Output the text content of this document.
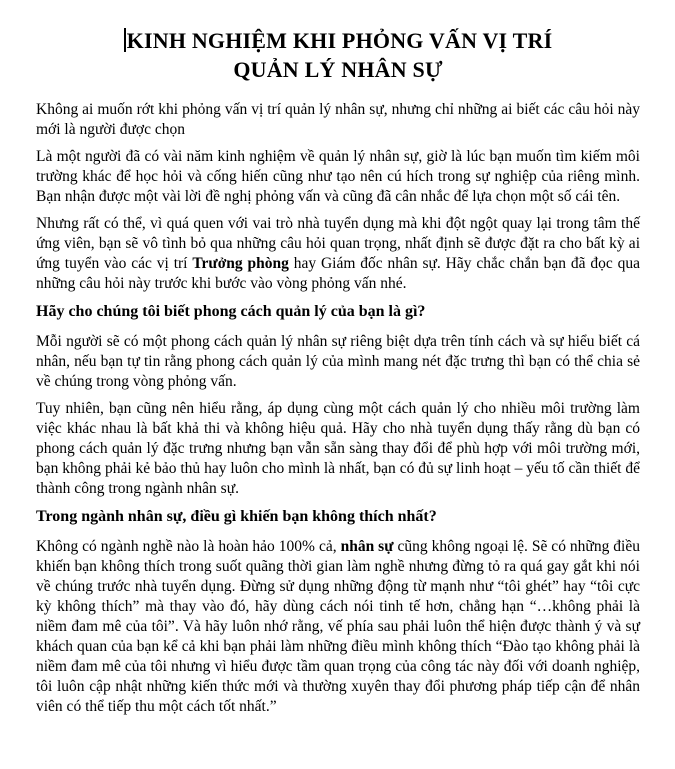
KINH NGHIỆM KHI PHỎNG VẤN VỊ TRÍ
QUẢN LÝ NHÂN SỰ

Không ai muốn rớt khi phỏng vấn vị trí quản lý nhân sự, nhưng chỉ những ai biết các câu hỏi này mới là người được chọn

Là một người đã có vài năm kinh nghiệm về quản lý nhân sự, giờ là lúc bạn muốn tìm kiếm môi trường khác để học hỏi và cống hiến cũng như tạo nên cú hích trong sự nghiệp của riêng mình. Bạn nhận được một vài lời đề nghị phỏng vấn và cũng đã cân nhắc để lựa chọn một số cái tên.

Nhưng rất có thể, vì quá quen với vai trò nhà tuyển dụng mà khi đột ngột quay lại trong tâm thế ứng viên, bạn sẽ vô tình bỏ qua những câu hỏi quan trọng, nhất định sẽ được đặt ra cho bất kỳ ai ứng tuyển vào các vị trí Trưởng phòng hay Giám đốc nhân sự. Hãy chắc chắn bạn đã đọc qua những câu hỏi này trước khi bước vào vòng phỏng vấn nhé.

Hãy cho chúng tôi biết phong cách quản lý của bạn là gì?

Mỗi người sẽ có một phong cách quản lý nhân sự riêng biệt dựa trên tính cách và sự hiểu biết cá nhân, nếu bạn tự tin rằng phong cách quản lý của mình mang nét đặc trưng thì bạn có thể chia sẻ về chúng trong vòng phỏng vấn.

Tuy nhiên, bạn cũng nên hiểu rằng, áp dụng cùng một cách quản lý cho nhiều môi trường làm việc khác nhau là bất khả thi và không hiệu quả. Hãy cho nhà tuyển dụng thấy rằng dù bạn có phong cách quản lý đặc trưng nhưng bạn vẫn sẵn sàng thay đổi để phù hợp với môi trường mới, bạn không phải kẻ bảo thủ hay luôn cho mình là nhất, bạn có đủ sự linh hoạt – yếu tố cần thiết để thành công trong ngành nhân sự.

Trong ngành nhân sự, điều gì khiến bạn không thích nhất?

Không có ngành nghề nào là hoàn hảo 100% cả, nhân sự cũng không ngoại lệ. Sẽ có những điều khiến bạn không thích trong suốt quãng thời gian làm nghề nhưng đừng tỏ ra quá gay gắt khi nói về chúng trước nhà tuyển dụng. Đừng sử dụng những động từ mạnh như “tôi ghét” hay “tôi cực kỳ không thích” mà thay vào đó, hãy dùng cách nói tinh tế hơn, chẳng hạn “…không phải là niềm đam mê của tôi”. Và hãy luôn nhớ rằng, vế phía sau phải luôn thể hiện được thành ý và sự khách quan của bạn kể cả khi bạn phải làm những điều mình không thích “Đào tạo không phải là niềm đam mê của tôi nhưng vì hiểu được tầm quan trọng của công tác này đối với doanh nghiệp, tôi luôn cập nhật những kiến thức mới và thường xuyên thay đổi phương pháp tiếp cận để nhân viên có thể tiếp thu một cách tốt nhất.”
